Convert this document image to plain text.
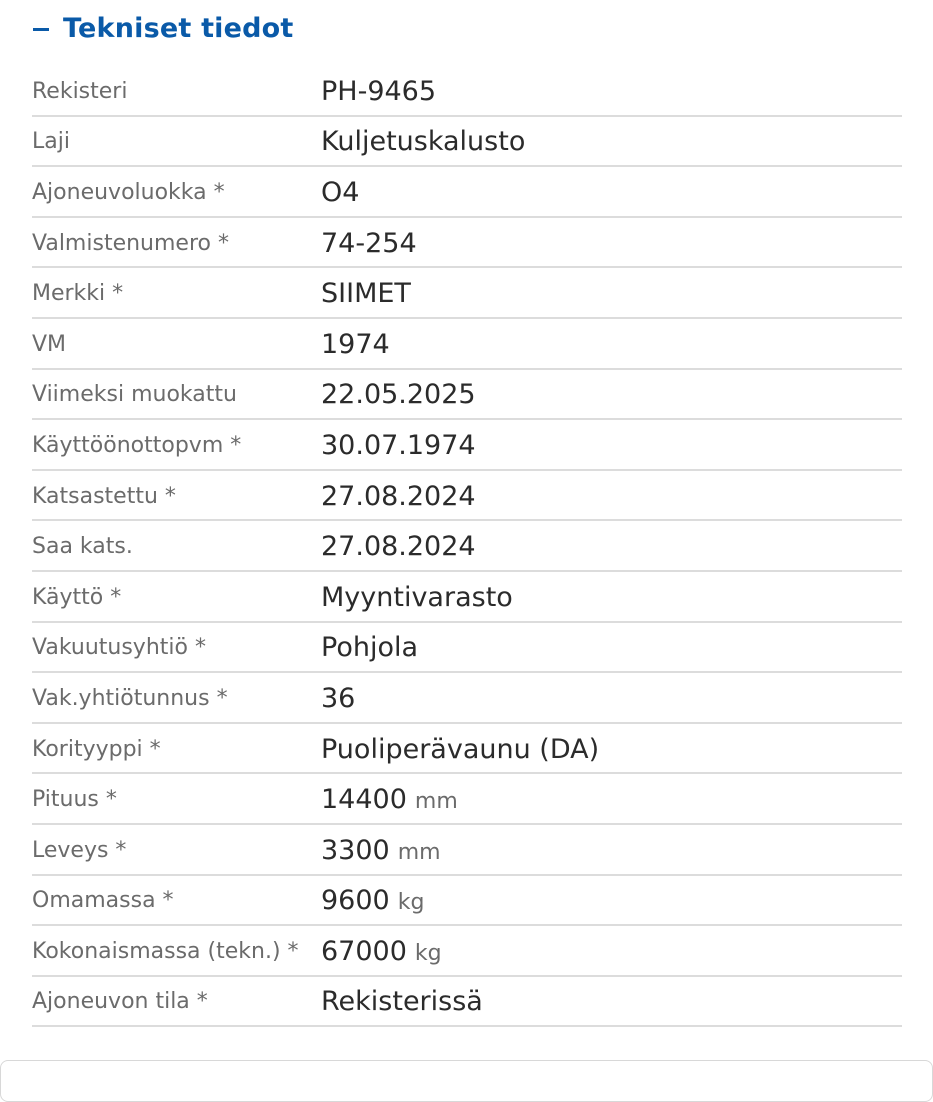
Tekniset tiedot
Rekisteri	PH-9465
Laji	Kuljetuskalusto
Ajoneuvoluokka *	O4
Valmistenumero *	74-254
Merkki *	SIIMET
VM	1974
Viimeksi muokattu	22.05.2025
Käyttöönottopvm *	30.07.1974
Katsastettu *	27.08.2024
Saa kats.	27.08.2024
Käyttö *	Myyntivarasto
Vakuutusyhtiö *	Pohjola
Vak.yhtiötunnus *	36
Korityyppi *	Puoliperävaunu (DA)
Pituus *	14400 mm
Leveys *	3300 mm
Omamassa *	9600 kg
Kokonaismassa (tekn.) * 67000 kg
Ajoneuvon tila *	Rekisterissä
